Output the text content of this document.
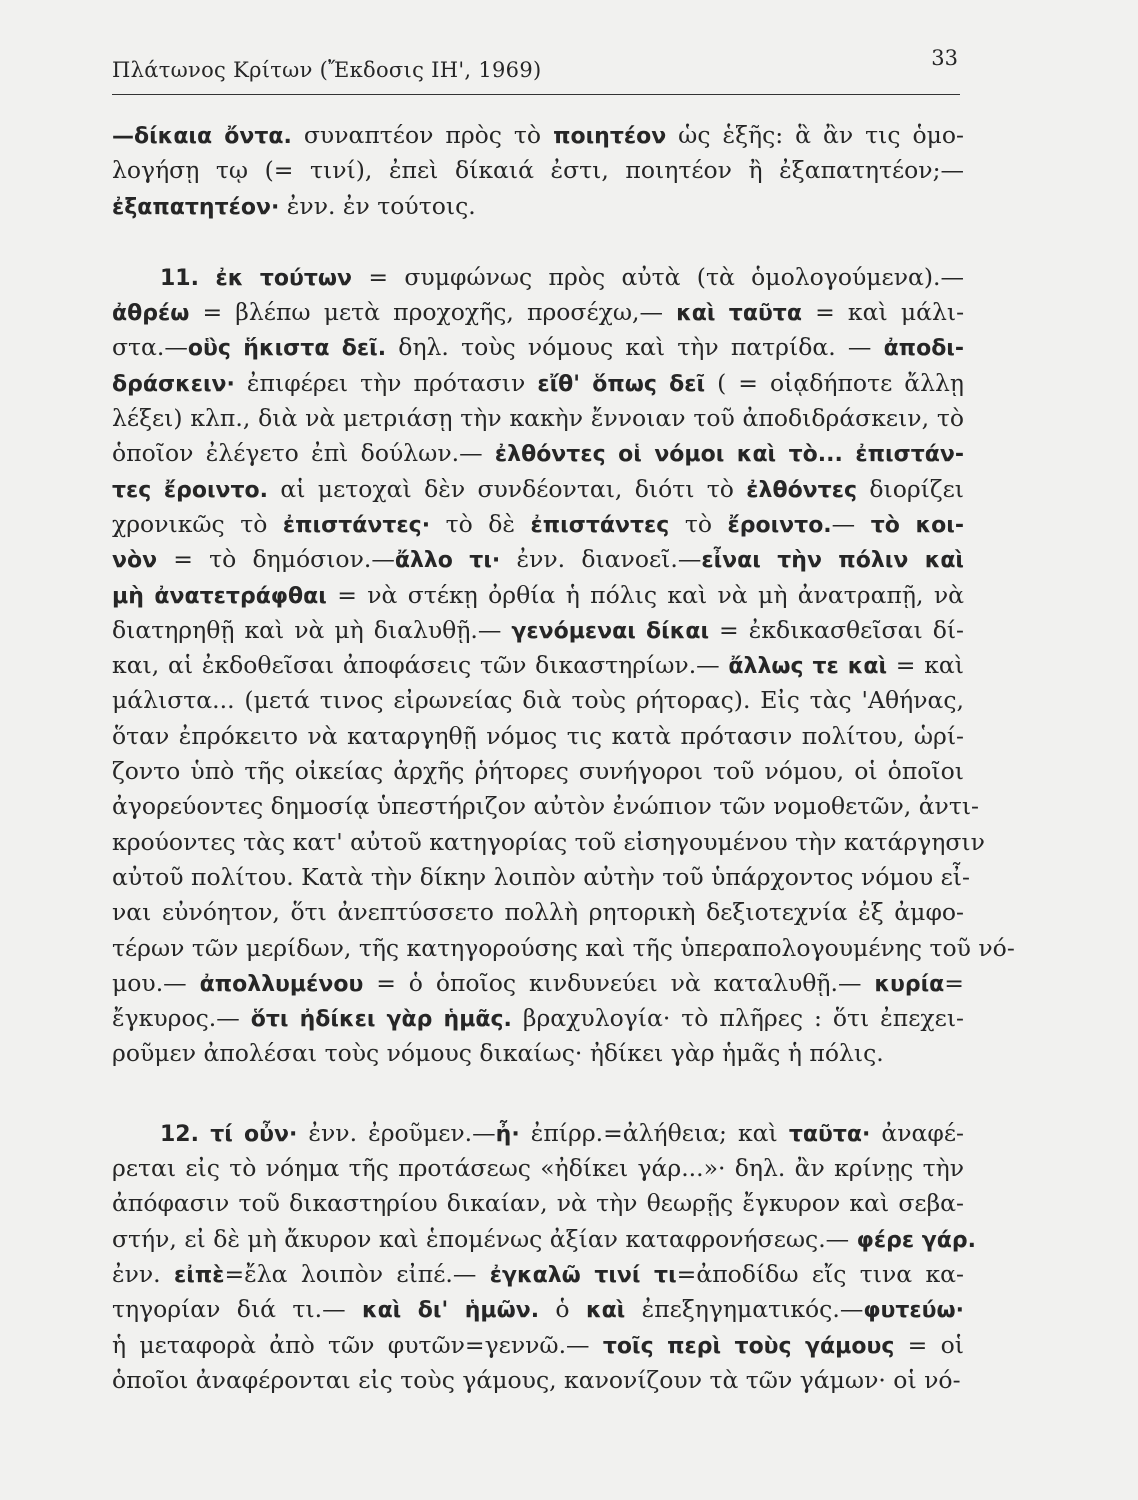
Πλάτωνος Κρίτων (Ἔκδοσις ΙΗ', 1969)	33
—δίκαια ὄντα. συναπτέον πρὸς τὸ ποιητέον ὡς ἑξῆς: ἃ ἂν τις ὁμο-
λογήσῃ τῳ (= τινί), ἐπεὶ δίκαιά ἐστι, ποιητέον ἢ ἐξαπατητέον;—
ἐξαπατητέον· ἐνν. ἐν τούτοις.
11. ἐκ τούτων = συμφώνως πρὸς αὐτὰ (τὰ ὁμολογούμενα).—
ἀθρέω = βλέπω μετὰ προχοχῆς, προσέχω,— καὶ ταῦτα = καὶ μάλι-
στα.—οὓς ἥκιστα δεῖ. δηλ. τοὺς νόμους καὶ τὴν πατρίδα. — ἀποδι-
δράσκειν· ἐπιφέρει τὴν πρότασιν εἴθ' ὅπως δεῖ ( = οἱᾳδήποτε ἄλλῃ
λέξει) κλπ., διὰ νὰ μετριάσῃ τὴν κακὴν ἔννοιαν τοῦ ἀποδιδράσκειν, τὸ
ὁποῖον ἐλέγετο ἐπὶ δούλων.— ἐλθόντες οἱ νόμοι καὶ τὸ... ἐπιστάν-
τες ἔροιντο. αἱ μετοχαὶ δὲν συνδέονται, διότι τὸ ἐλθόντες διορίζει
χρονικῶς τὸ ἐπιστάντες· τὸ δὲ ἐπιστάντες τὸ ἔροιντο.— τὸ κοι-
νὸν = τὸ δημόσιον.—ἄλλο τι· ἐνν. διανοεῖ.—εἶναι τὴν πόλιν καὶ
μὴ ἀνατετράφθαι = νὰ στέκῃ ὀρθία ἡ πόλις καὶ νὰ μὴ ἀνατραπῇ, νὰ
διατηρηθῇ καὶ νὰ μὴ διαλυθῇ.— γενόμεναι δίκαι = ἐκδικασθεῖσαι δί-
και, αἱ ἐκδοθεῖσαι ἀποφάσεις τῶν δικαστηρίων.— ἄλλως τε καὶ = καὶ
μάλιστα... (μετά τινος εἰρωνείας διὰ τοὺς ρήτορας). Εἰς τὰς 'Αθήνας,
ὅταν ἐπρόκειτο νὰ καταργηθῇ νόμος τις κατὰ πρότασιν πολίτου, ὡρί-
ζοντο ὑπὸ τῆς οἰκείας ἀρχῆς ῥήτορες συνήγοροι τοῦ νόμου, οἱ ὁποῖοι
ἀγορεύοντες δημοσίᾳ ὑπεστήριζον αὐτὸν ἐνώπιον τῶν νομοθετῶν, ἀντι-
κρούοντες τὰς κατ' αὐτοῦ κατηγορίας τοῦ εἰσηγουμένου τὴν κατάργησιν
αὐτοῦ πολίτου. Κατὰ τὴν δίκην λοιπὸν αὐτὴν τοῦ ὑπάρχοντος νόμου εἶ-
ναι εὐνόητον, ὅτι ἀνεπτύσσετο πολλὴ ρητορικὴ δεξιοτεχνία ἐξ ἀμφο-
τέρων τῶν μερίδων, τῆς κατηγορούσης καὶ τῆς ὑπεραπολογουμένης τοῦ νό-
μου.— ἀπολλυμένου = ὁ ὁποῖος κινδυνεύει νὰ καταλυθῇ.— κυρία=
ἔγκυρος.— ὅτι ἠδίκει γὰρ ἡμᾶς. βραχυλογία· τὸ πλῆρες : ὅτι ἐπεχει-
ροῦμεν ἀπολέσαι τοὺς νόμους δικαίως· ἠδίκει γὰρ ἡμᾶς ἡ πόλις.
12. τί οὖν· ἐνν. ἐροῦμεν.—ἦ· ἐπίρρ.=ἀλήθεια; καὶ ταῦτα· ἀναφέ-
ρεται εἰς τὸ νόημα τῆς προτάσεως «ἠδίκει γάρ...»· δηλ. ἂν κρίνῃς τὴν
ἀπόφασιν τοῦ δικαστηρίου δικαίαν, νὰ τὴν θεωρῇς ἔγκυρον καὶ σεβα-
στήν, εἰ δὲ μὴ ἄκυρον καὶ ἑπομένως ἀξίαν καταφρονήσεως.— φέρε γάρ.
ἐνν. εἰπὲ=ἔλα λοιπὸν εἰπέ.— ἐγκαλῶ τινί τι=ἀποδίδω εἴς τινα κα-
τηγορίαν διά τι.— καὶ δι' ἡμῶν. ὁ καὶ ἐπεξηγηματικός.—φυτεύω·
ἡ μεταφορὰ ἀπὸ τῶν φυτῶν=γεννῶ.— τοῖς περὶ τοὺς γάμους = οἱ
ὁποῖοι ἀναφέρονται εἰς τοὺς γάμους, κανονίζουν τὰ τῶν γάμων· οἱ νό-
